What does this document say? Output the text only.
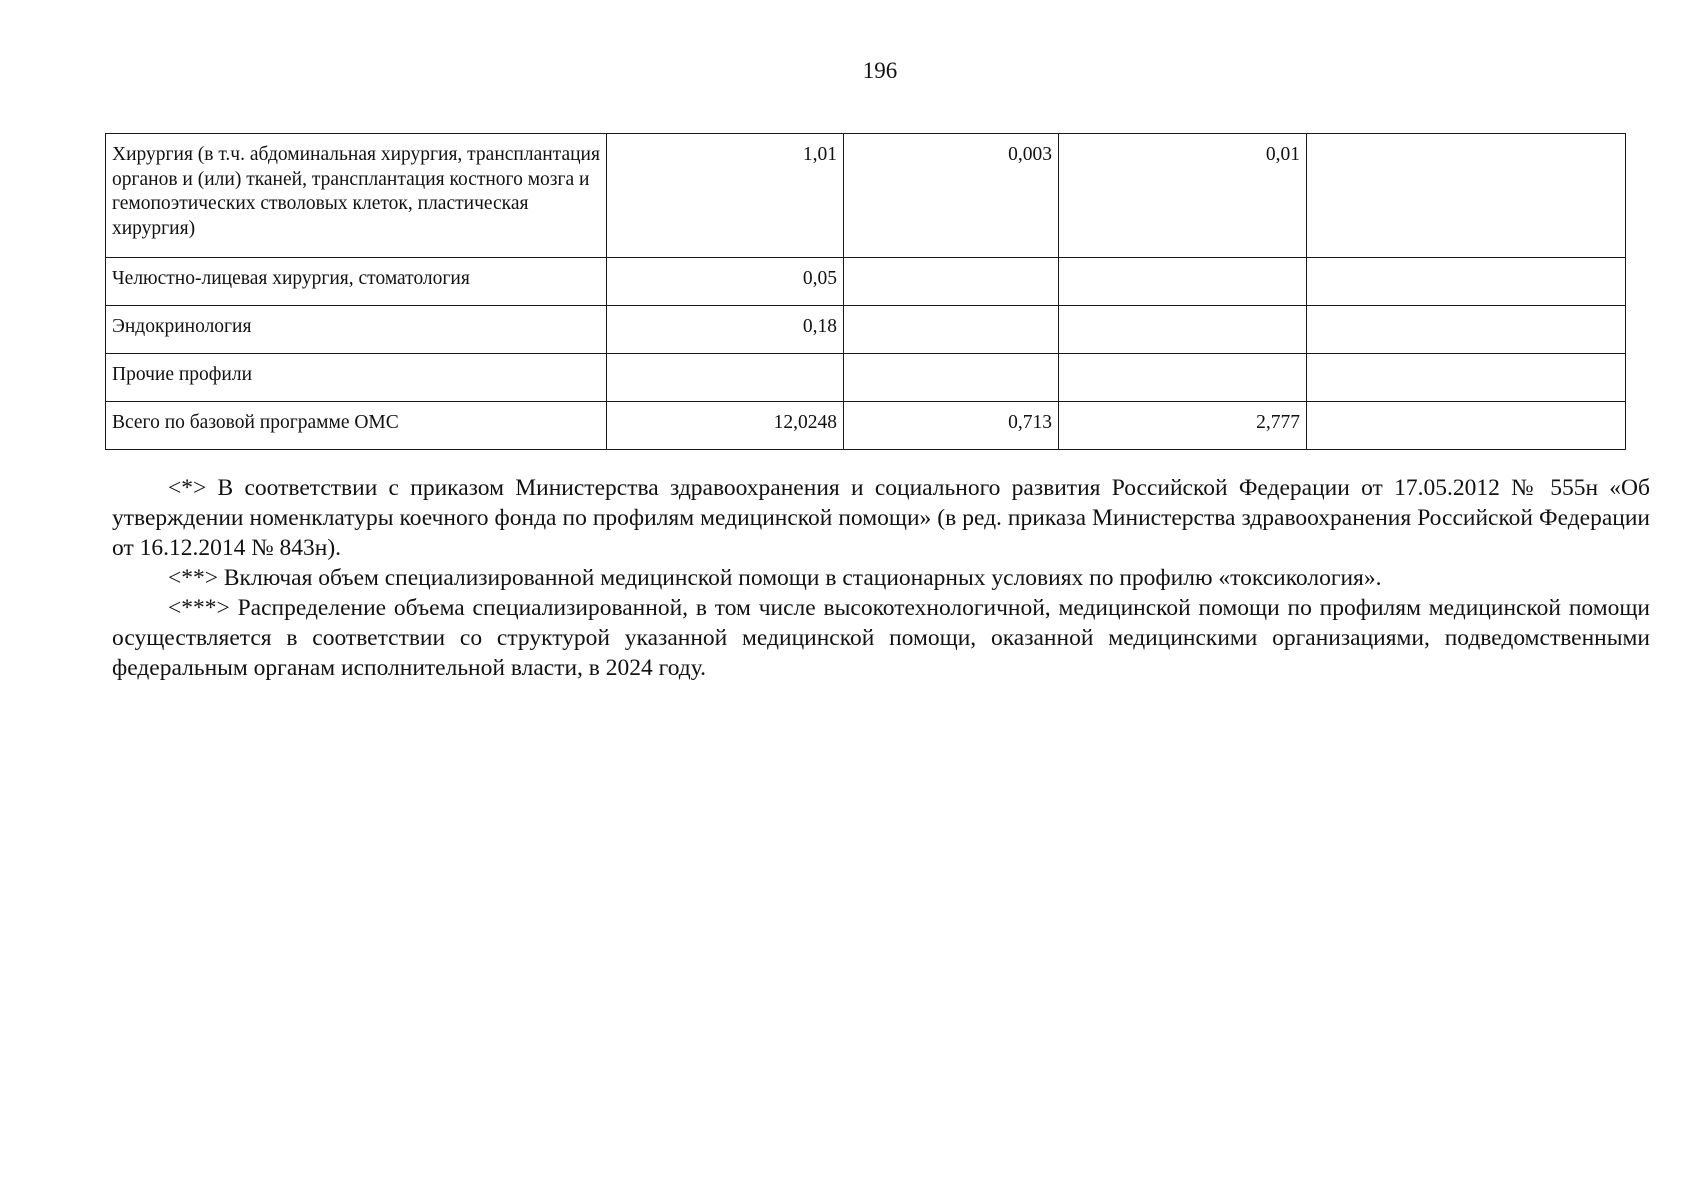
196
Хирургия (в т.ч. абдоминальная хирургия, трансплантация органов и (или) тканей, трансплантация костного мозга и гемопоэтических стволовых клеток, пластическая хирургия)	1,01	0,003	0,01	
Челюстно-лицевая хирургия, стоматология	0,05			
Эндокринология	0,18			
Прочие профили				
Всего по базовой программе ОМС	12,0248	0,713	2,777	

<*> В соответствии с приказом Министерства здравоохранения и социального развития Российской Федерации от 17.05.2012 № 555н «Об утверждении номенклатуры коечного фонда по профилям медицинской помощи» (в ред. приказа Министерства здравоохранения Российской Федерации от 16.12.2014 № 843н).

<**> Включая объем специализированной медицинской помощи в стационарных условиях по профилю «токсикология».

<***> Распределение объема специализированной, в том числе высокотехнологичной, медицинской помощи по профилям медицинской помощи осуществляется в соответствии со структурой указанной медицинской помощи, оказанной медицинскими организациями, подведомственными федеральным органам исполнительной власти, в 2024 году.
